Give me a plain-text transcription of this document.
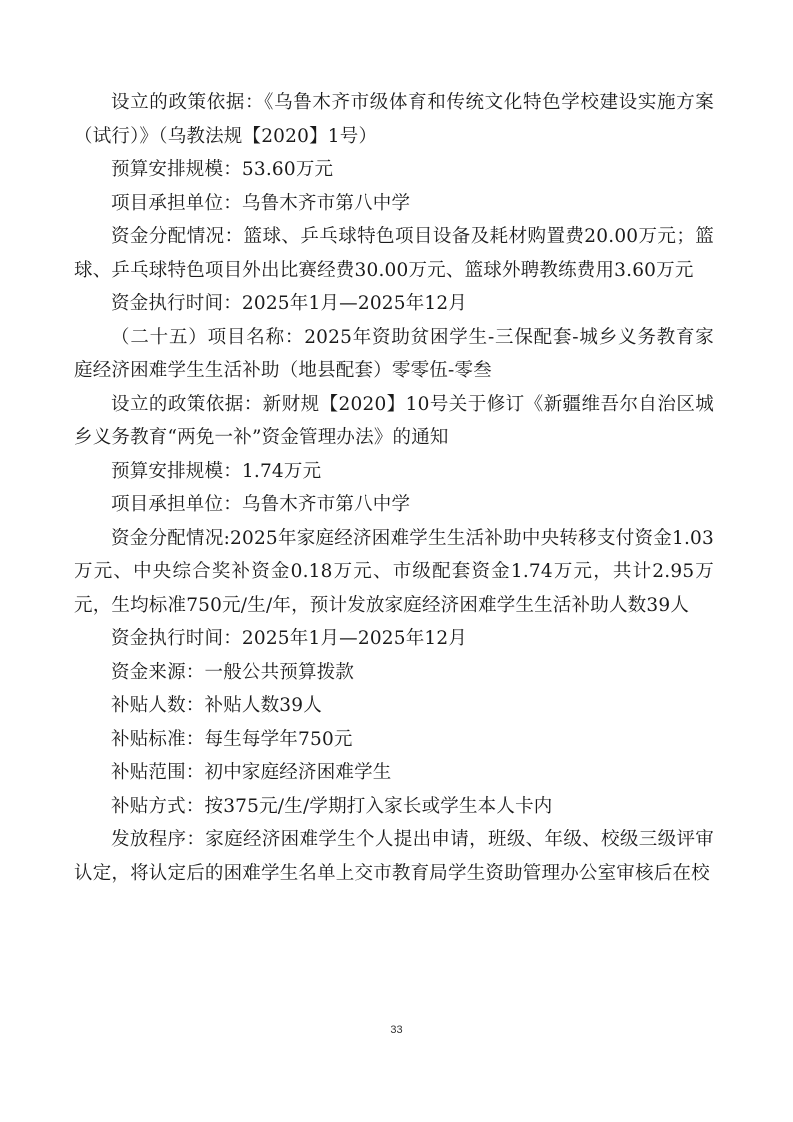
设立的政策依据：《乌鲁木齐市级体育和传统文化特色学校建设实施方案（试行）》（乌教法规【2020】1号）

预算安排规模：53.60万元

项目承担单位：乌鲁木齐市第八中学

资金分配情况：篮球、乒乓球特色项目设备及耗材购置费20.00万元；篮球、乒乓球特色项目外出比赛经费30.00万元、篮球外聘教练费用3.60万元

资金执行时间：2025年1月—2025年12月

（二十五）项目名称：2025年资助贫困学生-三保配套-城乡义务教育家庭经济困难学生生活补助（地县配套）零零伍-零叁

设立的政策依据：新财规【2020】10号关于修订《新疆维吾尔自治区城乡义务教育“两免一补”资金管理办法》的通知

预算安排规模：1.74万元

项目承担单位：乌鲁木齐市第八中学

资金分配情况:2025年家庭经济困难学生生活补助中央转移支付资金1.03万元、中央综合奖补资金0.18万元、市级配套资金1.74万元，共计2.95万元，生均标准750元/生/年，预计发放家庭经济困难学生生活补助人数39人

资金执行时间：2025年1月—2025年12月

资金来源：一般公共预算拨款

补贴人数：补贴人数39人

补贴标准：每生每学年750元

补贴范围：初中家庭经济困难学生

补贴方式：按375元/生/学期打入家长或学生本人卡内

发放程序：家庭经济困难学生个人提出申请，班级、年级、校级三级评审认定，将认定后的困难学生名单上交市教育局学生资助管理办公室审核后在校

33
